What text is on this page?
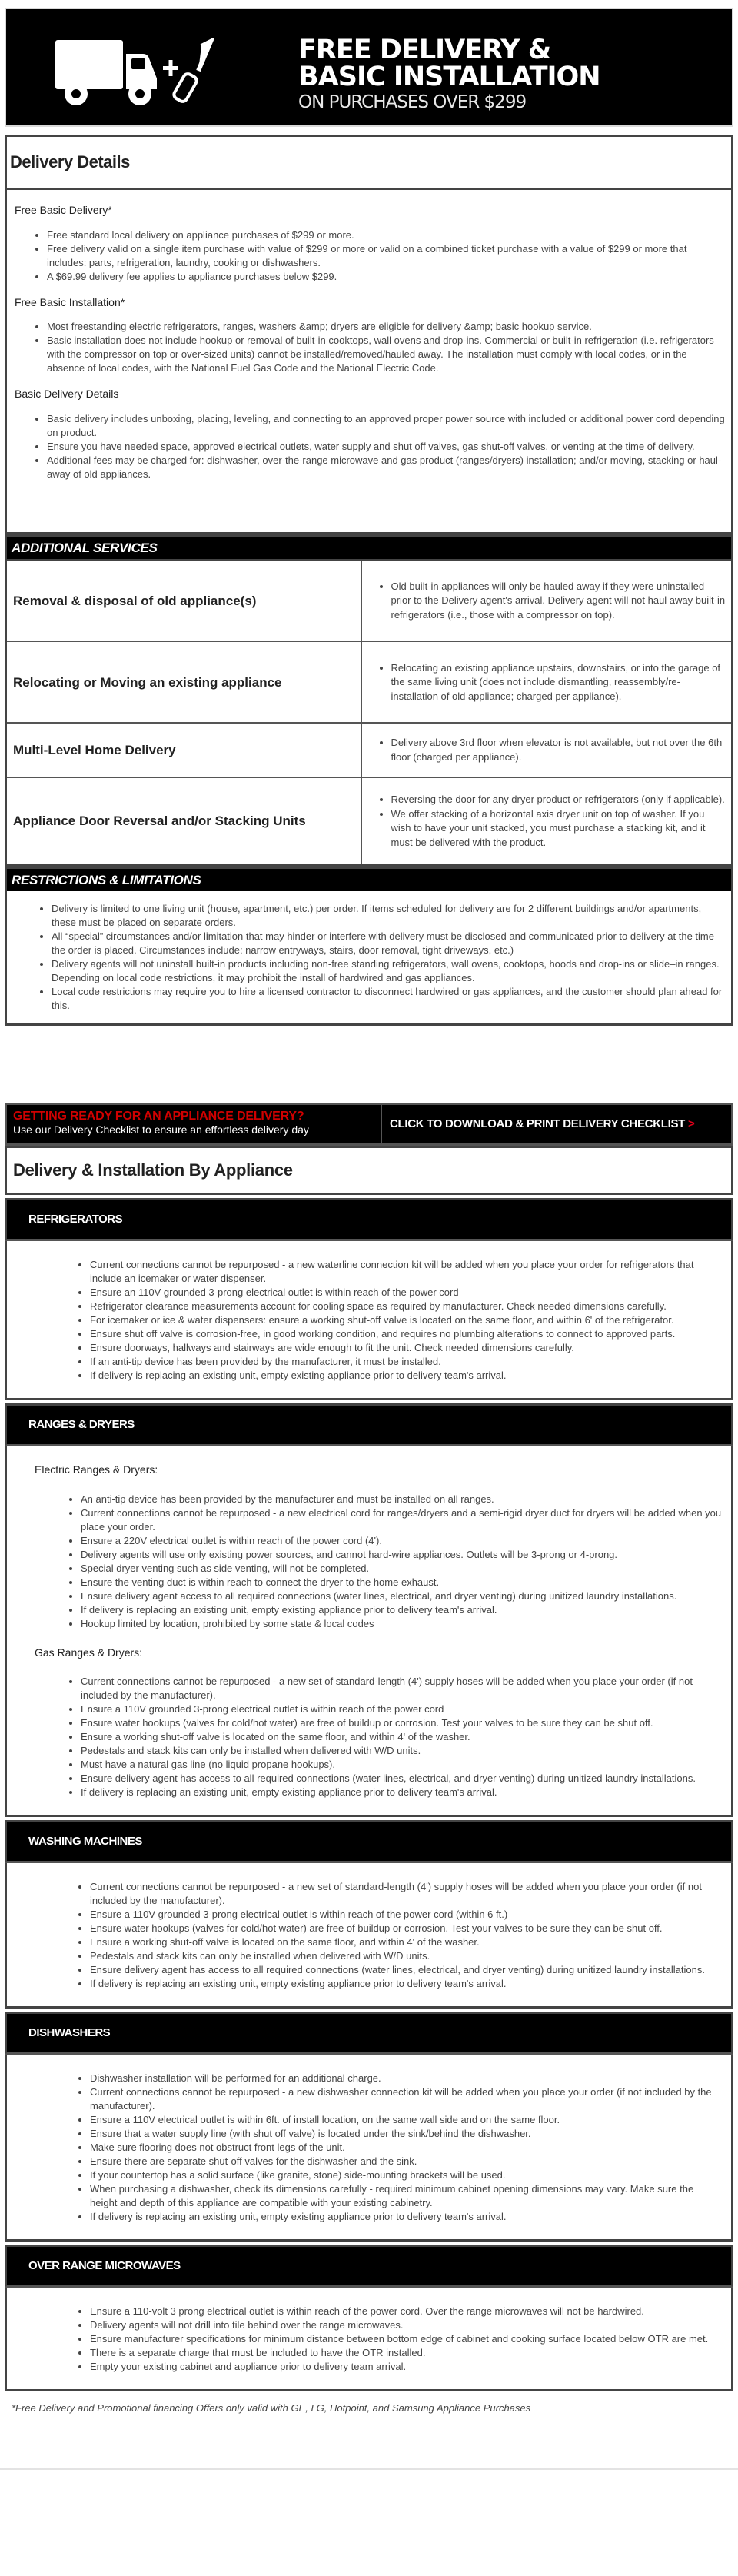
FREE DELIVERY &
BASIC INSTALLATION
ON PURCHASES OVER $299
Delivery Details
Free Basic Delivery*
• Free standard local delivery on appliance purchases of $299 or more.
• Free delivery valid on a single item purchase with value of $299 or more or valid on a combined ticket purchase with a value of $299 or more that includes: parts, refrigeration, laundry, cooking or dishwashers.
• A $69.99 delivery fee applies to appliance purchases below $299.
Free Basic Installation*
• Most freestanding electric refrigerators, ranges, washers &amp; dryers are eligible for delivery &amp; basic hookup service.
• Basic installation does not include hookup or removal of built-in cooktops, wall ovens and drop-ins. Commercial or built-in refrigeration (i.e. refrigerators with the compressor on top or over-sized units) cannot be installed/removed/hauled away. The installation must comply with local codes, or in the absence of local codes, with the National Fuel Gas Code and the National Electric Code.
Basic Delivery Details
• Basic delivery includes unboxing, placing, leveling, and connecting to an approved proper power source with included or additional power cord depending on product.
• Ensure you have needed space, approved electrical outlets, water supply and shut off valves, gas shut-off valves, or venting at the time of delivery.
• Additional fees may be charged for: dishwasher, over-the-range microwave and gas product (ranges/dryers) installation; and/or moving, stacking or haul-away of old appliances.
ADDITIONAL SERVICES
Removal & disposal of old appliance(s)	
• Old built-in appliances will only be hauled away if they were uninstalled prior to the Delivery agent's arrival. Delivery agent will not haul away built-in refrigerators (i.e., those with a compressor on top).

Relocating or Moving an existing appliance	
• Relocating an existing appliance upstairs, downstairs, or into the garage of the same living unit (does not include dismantling, reassembly/re-installation of old appliance; charged per appliance).

Multi-Level Home Delivery	
• Delivery above 3rd floor when elevator is not available, but not over the 6th floor (charged per appliance).

Appliance Door Reversal and/or Stacking Units	
• Reversing the door for any dryer product or refrigerators (only if applicable).
• We offer stacking of a horizontal axis dryer unit on top of washer. If you wish to have your unit stacked, you must purchase a stacking kit, and it must be delivered with the product.
RESTRICTIONS & LIMITATIONS
• Delivery is limited to one living unit (house, apartment, etc.) per order. If items scheduled for delivery are for 2 different buildings and/or apartments, these must be placed on separate orders.
• All “special” circumstances and/or limitation that may hinder or interfere with delivery must be disclosed and communicated prior to delivery at the time the order is placed. Circumstances include: narrow entryways, stairs, door removal, tight driveways, etc.)
• Delivery agents will not uninstall built-in products including non-free standing refrigerators, wall ovens, cooktops, hoods and drop-ins or slide–in ranges. Depending on local code restrictions, it may prohibit the install of hardwired and gas appliances.
• Local code restrictions may require you to hire a licensed contractor to disconnect hardwired or gas appliances, and the customer should plan ahead for this.
GETTING READY FOR AN APPLIANCE DELIVERY?
Use our Delivery Checklist to ensure an effortless delivery day	CLICK TO DOWNLOAD & PRINT DELIVERY CHECKLIST >
Delivery & Installation By Appliance
REFRIGERATORS
• Current connections cannot be repurposed - a new waterline connection kit will be added when you place your order for refrigerators that include an icemaker or water dispenser.
• Ensure an 110V grounded 3-prong electrical outlet is within reach of the power cord
• Refrigerator clearance measurements account for cooling space as required by manufacturer. Check needed dimensions carefully.
• For icemaker or ice & water dispensers: ensure a working shut-off valve is located on the same floor, and within 6' of the refrigerator.
• Ensure shut off valve is corrosion-free, in good working condition, and requires no plumbing alterations to connect to approved parts.
• Ensure doorways, hallways and stairways are wide enough to fit the unit. Check needed dimensions carefully.
• If an anti-tip device has been provided by the manufacturer, it must be installed.
• If delivery is replacing an existing unit, empty existing appliance prior to delivery team's arrival.
RANGES & DRYERS
Electric Ranges & Dryers:
• An anti-tip device has been provided by the manufacturer and must be installed on all ranges.
• Current connections cannot be repurposed - a new electrical cord for ranges/dryers and a semi-rigid dryer duct for dryers will be added when you place your order.
• Ensure a 220V electrical outlet is within reach of the power cord (4').
• Delivery agents will use only existing power sources, and cannot hard-wire appliances. Outlets will be 3-prong or 4-prong.
• Special dryer venting such as side venting, will not be completed.
• Ensure the venting duct is within reach to connect the dryer to the home exhaust.
• Ensure delivery agent access to all required connections (water lines, electrical, and dryer venting) during unitized laundry installations.
• If delivery is replacing an existing unit, empty existing appliance prior to delivery team's arrival.
• Hookup limited by location, prohibited by some state & local codes
Gas Ranges & Dryers:
• Current connections cannot be repurposed - a new set of standard-length (4') supply hoses will be added when you place your order (if not included by the manufacturer).
• Ensure a 110V grounded 3-prong electrical outlet is within reach of the power cord
• Ensure water hookups (valves for cold/hot water) are free of buildup or corrosion. Test your valves to be sure they can be shut off.
• Ensure a working shut-off valve is located on the same floor, and within 4' of the washer.
• Pedestals and stack kits can only be installed when delivered with W/D units.
• Must have a natural gas line (no liquid propane hookups).
• Ensure delivery agent has access to all required connections (water lines, electrical, and dryer venting) during unitized laundry installations.
• If delivery is replacing an existing unit, empty existing appliance prior to delivery team's arrival.
WASHING MACHINES
• Current connections cannot be repurposed - a new set of standard-length (4') supply hoses will be added when you place your order (if not included by the manufacturer).
• Ensure a 110V grounded 3-prong electrical outlet is within reach of the power cord (within 6 ft.)
• Ensure water hookups (valves for cold/hot water) are free of buildup or corrosion. Test your valves to be sure they can be shut off.
• Ensure a working shut-off valve is located on the same floor, and within 4' of the washer.
• Pedestals and stack kits can only be installed when delivered with W/D units.
• Ensure delivery agent has access to all required connections (water lines, electrical, and dryer venting) during unitized laundry installations.
• If delivery is replacing an existing unit, empty existing appliance prior to delivery team's arrival.
DISHWASHERS
• Dishwasher installation will be performed for an additional charge.
• Current connections cannot be repurposed - a new dishwasher connection kit will be added when you place your order (if not included by the manufacturer).
• Ensure a 110V electrical outlet is within 6ft. of install location, on the same wall side and on the same floor.
• Ensure that a water supply line (with shut off valve) is located under the sink/behind the dishwasher.
• Make sure flooring does not obstruct front legs of the unit.
• Ensure there are separate shut-off valves for the dishwasher and the sink.
• If your countertop has a solid surface (like granite, stone) side-mounting brackets will be used.
• When purchasing a dishwasher, check its dimensions carefully - required minimum cabinet opening dimensions may vary. Make sure the height and depth of this appliance are compatible with your existing cabinetry.
• If delivery is replacing an existing unit, empty existing appliance prior to delivery team's arrival.
OVER RANGE MICROWAVES
• Ensure a 110-volt 3 prong electrical outlet is within reach of the power cord. Over the range microwaves will not be hardwired.
• Delivery agents will not drill into tile behind over the range microwaves.
• Ensure manufacturer specifications for minimum distance between bottom edge of cabinet and cooking surface located below OTR are met.
• There is a separate charge that must be included to have the OTR installed.
• Empty your existing cabinet and appliance prior to delivery team arrival.
*Free Delivery and Promotional financing Offers only valid with GE, LG, Hotpoint, and Samsung Appliance Purchases
